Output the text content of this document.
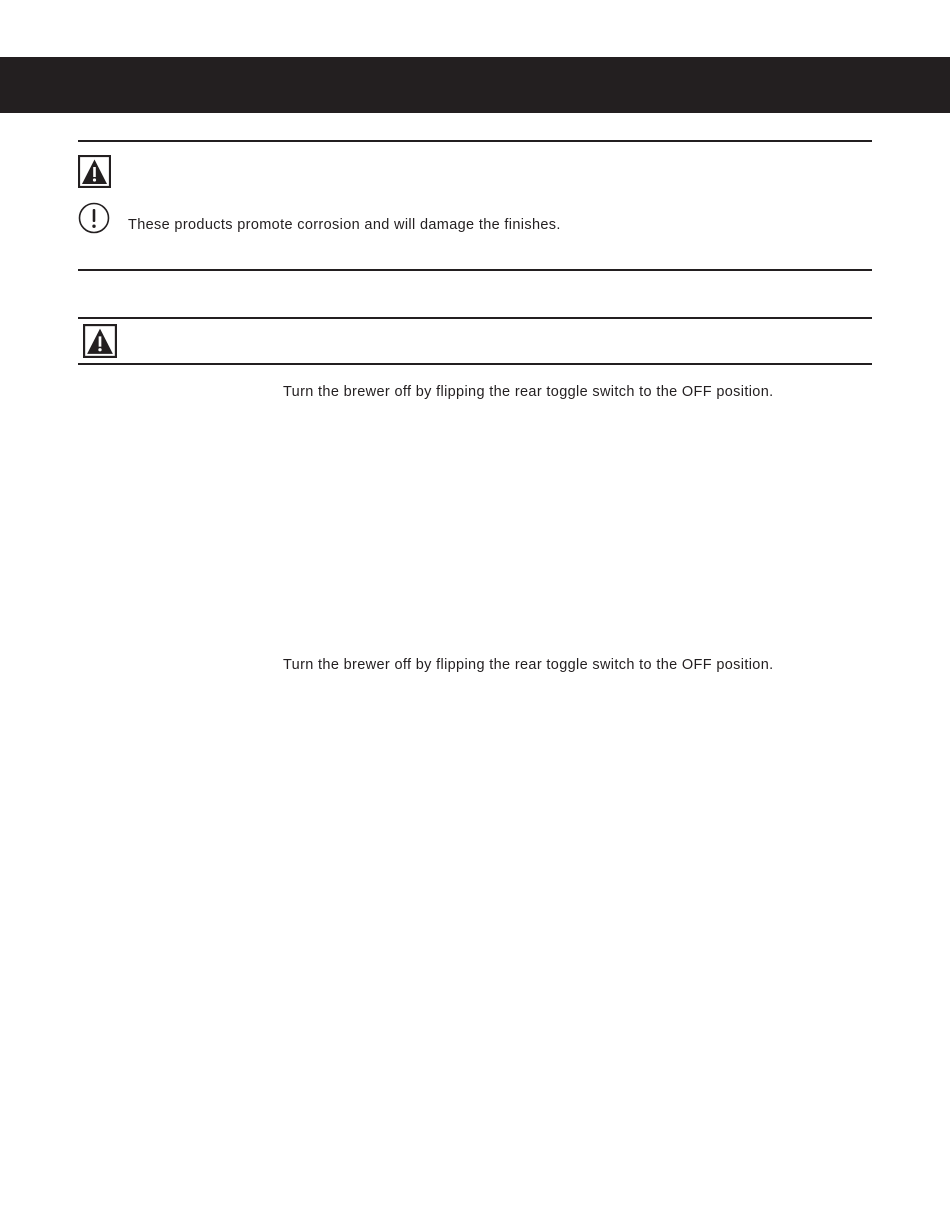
These products promote corrosion and will damage the finishes.
Turn the brewer off by flipping the rear toggle switch to the OFF position.
Turn the brewer off by flipping the rear toggle switch to the OFF position.
